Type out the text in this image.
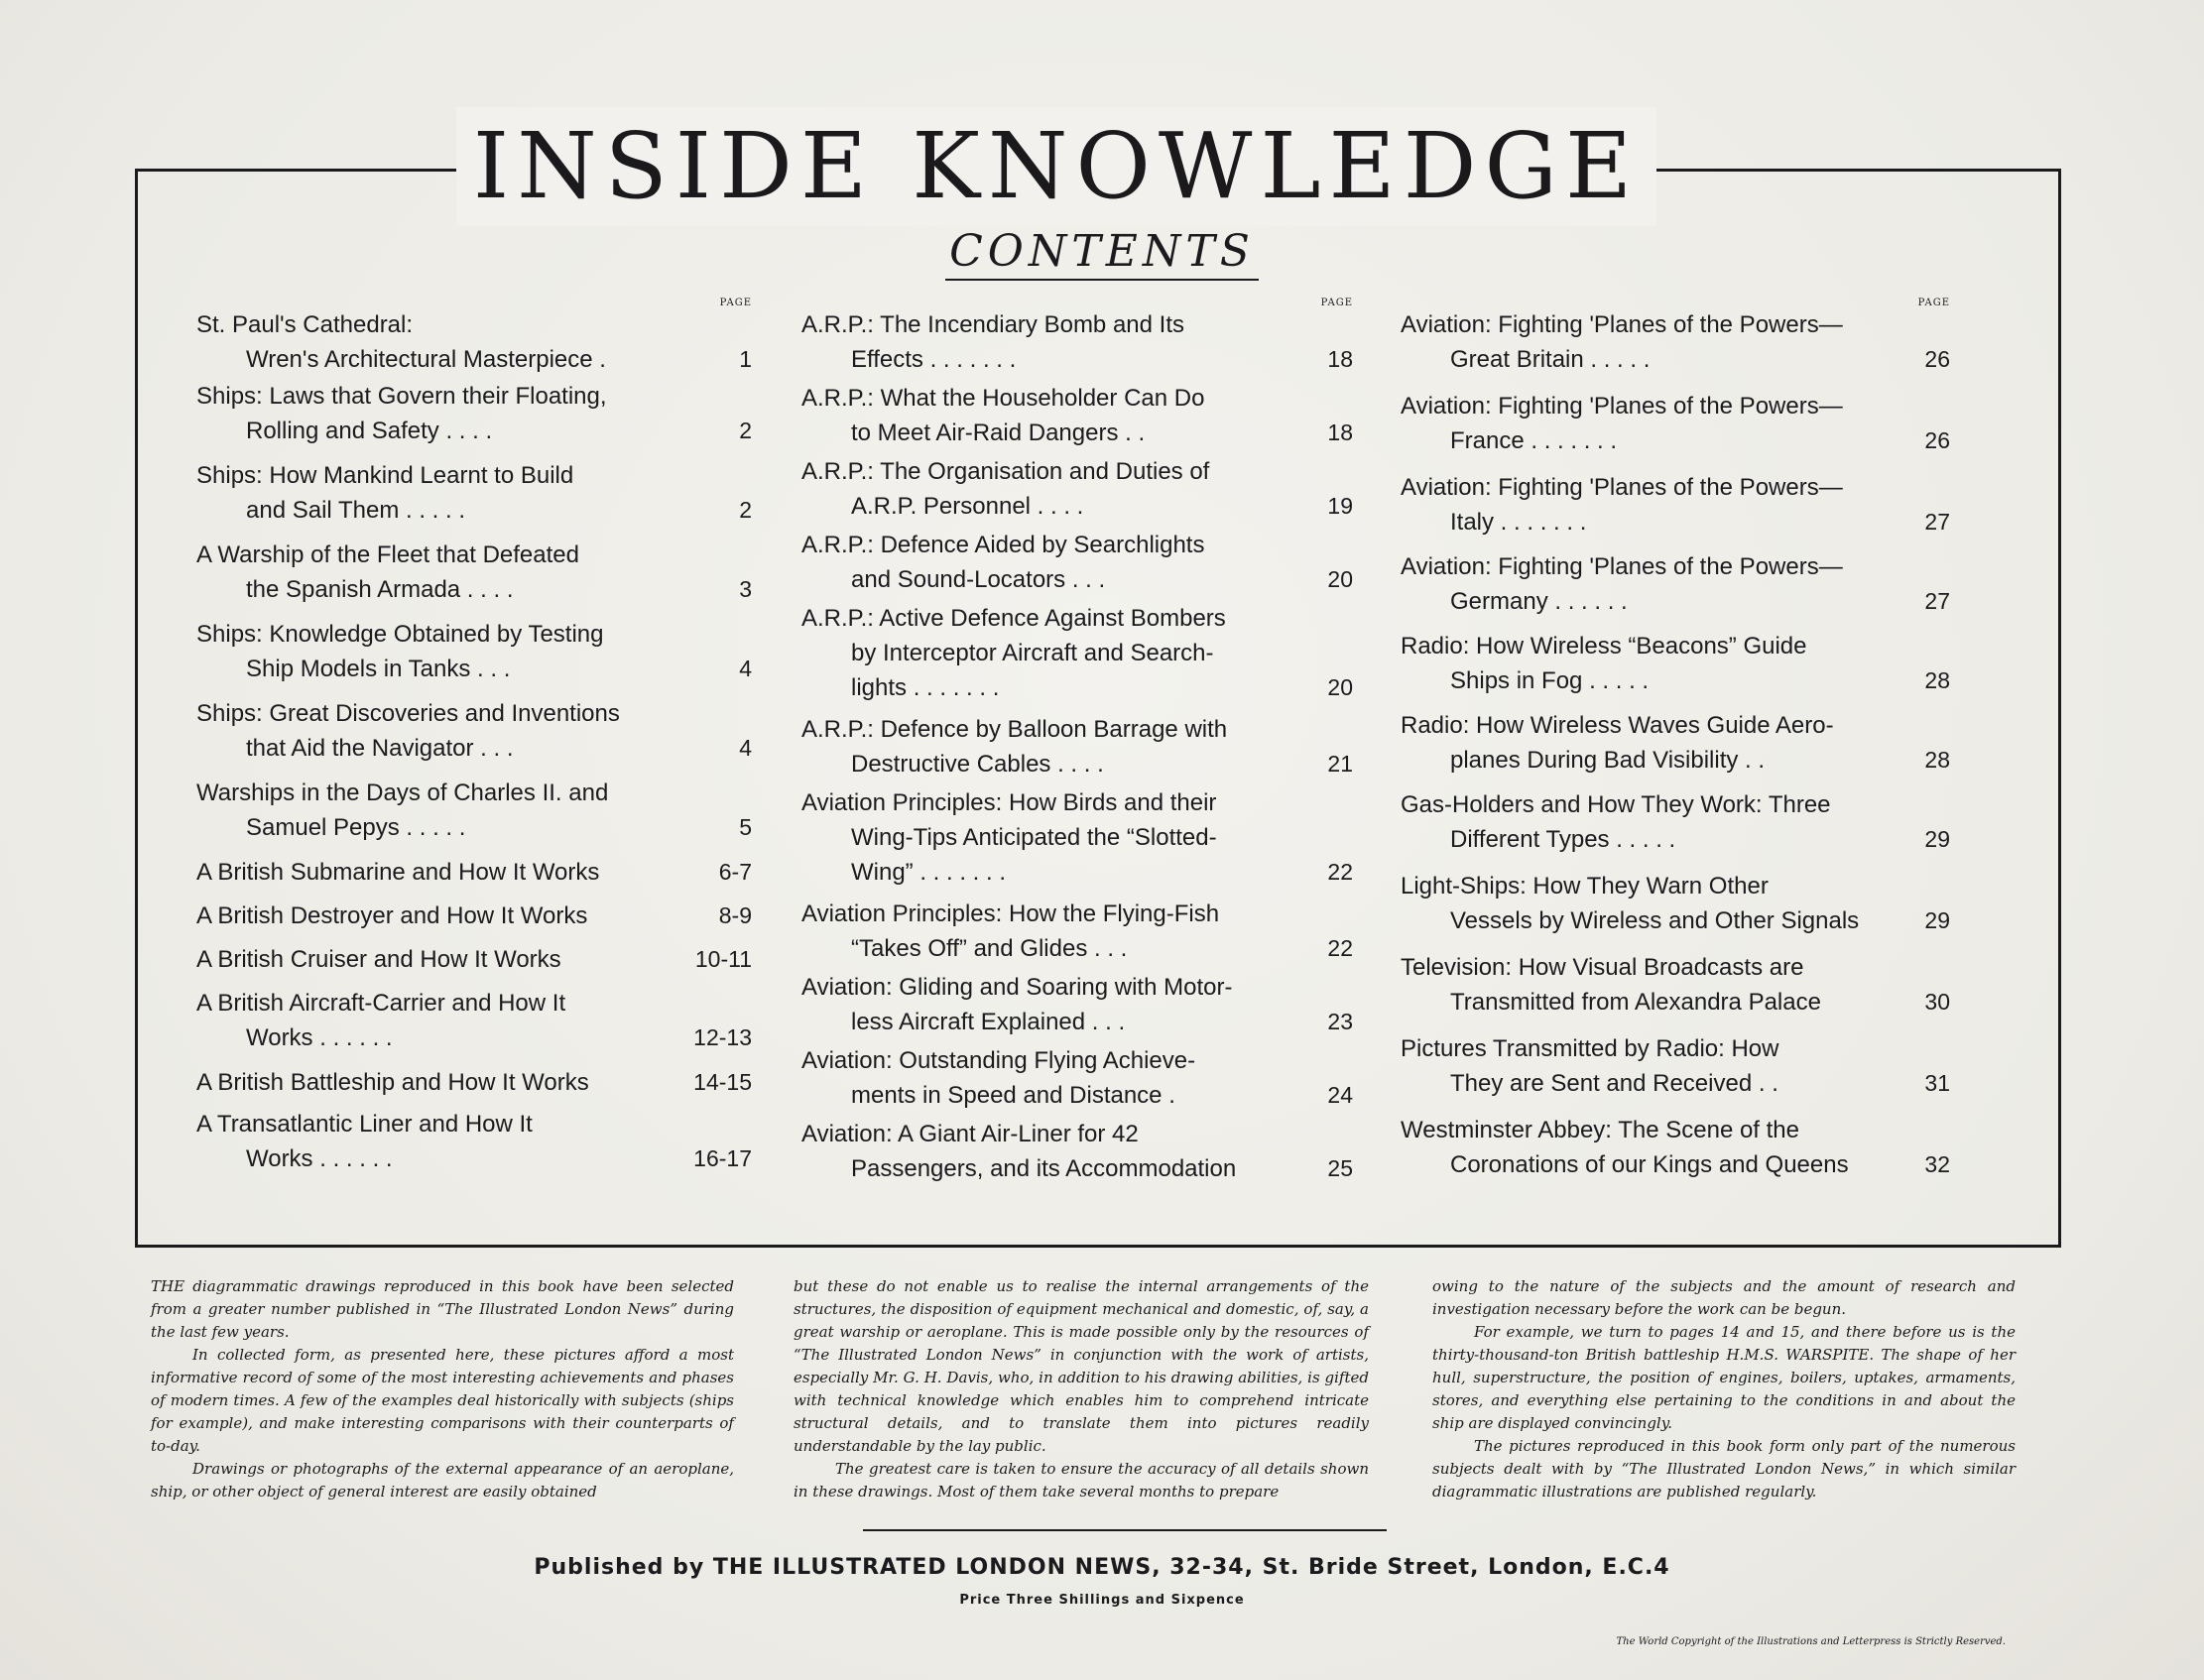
INSIDE KNOWLEDGE
CONTENTS
PAGE
St. Paul's Cathedral:
Wren's Architectural Masterpiece .	1
Ships: Laws that Govern their Floating,
Rolling and Safety . . . .	2
Ships: How Mankind Learnt to Build
and Sail Them . . . . .	2
A Warship of the Fleet that Defeated
the Spanish Armada . . . .	3
Ships: Knowledge Obtained by Testing
Ship Models in Tanks . . .	4
Ships: Great Discoveries and Inventions
that Aid the Navigator . . .	4
Warships in the Days of Charles II. and
Samuel Pepys . . . . .	5
A British Submarine and How It Works	6-7
A British Destroyer and How It Works	8-9
A British Cruiser and How It Works	10-11
A British Aircraft-Carrier and How It
Works . . . . . .	12-13
A British Battleship and How It Works	14-15
A Transatlantic Liner and How It
Works . . . . . .	16-17
PAGE
A.R.P.: The Incendiary Bomb and Its
Effects . . . . . . .	18
A.R.P.: What the Householder Can Do
to Meet Air-Raid Dangers . .	18
A.R.P.: The Organisation and Duties of
A.R.P. Personnel . . . .	19
A.R.P.: Defence Aided by Searchlights
and Sound-Locators . . .	20
A.R.P.: Active Defence Against Bombers
by Interceptor Aircraft and Search-
lights . . . . . . .	20
A.R.P.: Defence by Balloon Barrage with
Destructive Cables . . . .	21
Aviation Principles: How Birds and their
Wing-Tips Anticipated the “Slotted-
Wing” . . . . . . .	22
Aviation Principles: How the Flying-Fish
“Takes Off” and Glides . . .	22
Aviation: Gliding and Soaring with Motor-
less Aircraft Explained . . .	23
Aviation: Outstanding Flying Achieve-
ments in Speed and Distance .	24
Aviation: A Giant Air-Liner for 42
Passengers, and its Accommodation	25
PAGE
Aviation: Fighting 'Planes of the Powers—
Great Britain . . . . .	26
Aviation: Fighting 'Planes of the Powers—
France . . . . . . .	26
Aviation: Fighting 'Planes of the Powers—
Italy . . . . . . .	27
Aviation: Fighting 'Planes of the Powers—
Germany . . . . . .	27
Radio: How Wireless “Beacons” Guide
Ships in Fog . . . . .	28
Radio: How Wireless Waves Guide Aero-
planes During Bad Visibility . .	28
Gas-Holders and How They Work: Three
Different Types . . . . .	29
Light-Ships: How They Warn Other
Vessels by Wireless and Other Signals	29
Television: How Visual Broadcasts are
Transmitted from Alexandra Palace	30
Pictures Transmitted by Radio: How
They are Sent and Received . .	31
Westminster Abbey: The Scene of the
Coronations of our Kings and Queens	32

THE diagrammatic drawings reproduced in this book have been selected from a greater number published in “The Illustrated London News” during the last few years.

In collected form, as presented here, these pictures afford a most informative record of some of the most interesting achievements and phases of modern times. A few of the examples deal historically with subjects (ships for example), and make interesting comparisons with their counterparts of to-day.

Drawings or photographs of the external appearance of an aeroplane, ship, or other object of general interest are easily obtained

but these do not enable us to realise the internal arrangements of the structures, the disposition of equipment mechanical and domestic, of, say, a great warship or aeroplane. This is made possible only by the resources of “The Illustrated London News” in conjunction with the work of artists, especially Mr. G. H. Davis, who, in addition to his drawing abilities, is gifted with technical knowledge which enables him to comprehend intricate structural details, and to translate them into pictures readily understandable by the lay public.

The greatest care is taken to ensure the accuracy of all details shown in these drawings. Most of them take several months to prepare

owing to the nature of the subjects and the amount of research and investigation necessary before the work can be begun.

For example, we turn to pages 14 and 15, and there before us is the thirty-thousand-ton British battleship H.M.S. WARSPITE. The shape of her hull, superstructure, the position of engines, boilers, uptakes, armaments, stores, and everything else pertaining to the conditions in and about the ship are displayed convincingly.

The pictures reproduced in this book form only part of the numerous subjects dealt with by “The Illustrated London News,” in which similar diagrammatic illustrations are published regularly.

Published by THE ILLUSTRATED LONDON NEWS, 32-34, St. Bride Street, London, E.C.4
Price Three Shillings and Sixpence
The World Copyright of the Illustrations and Letterpress is Strictly Reserved.
